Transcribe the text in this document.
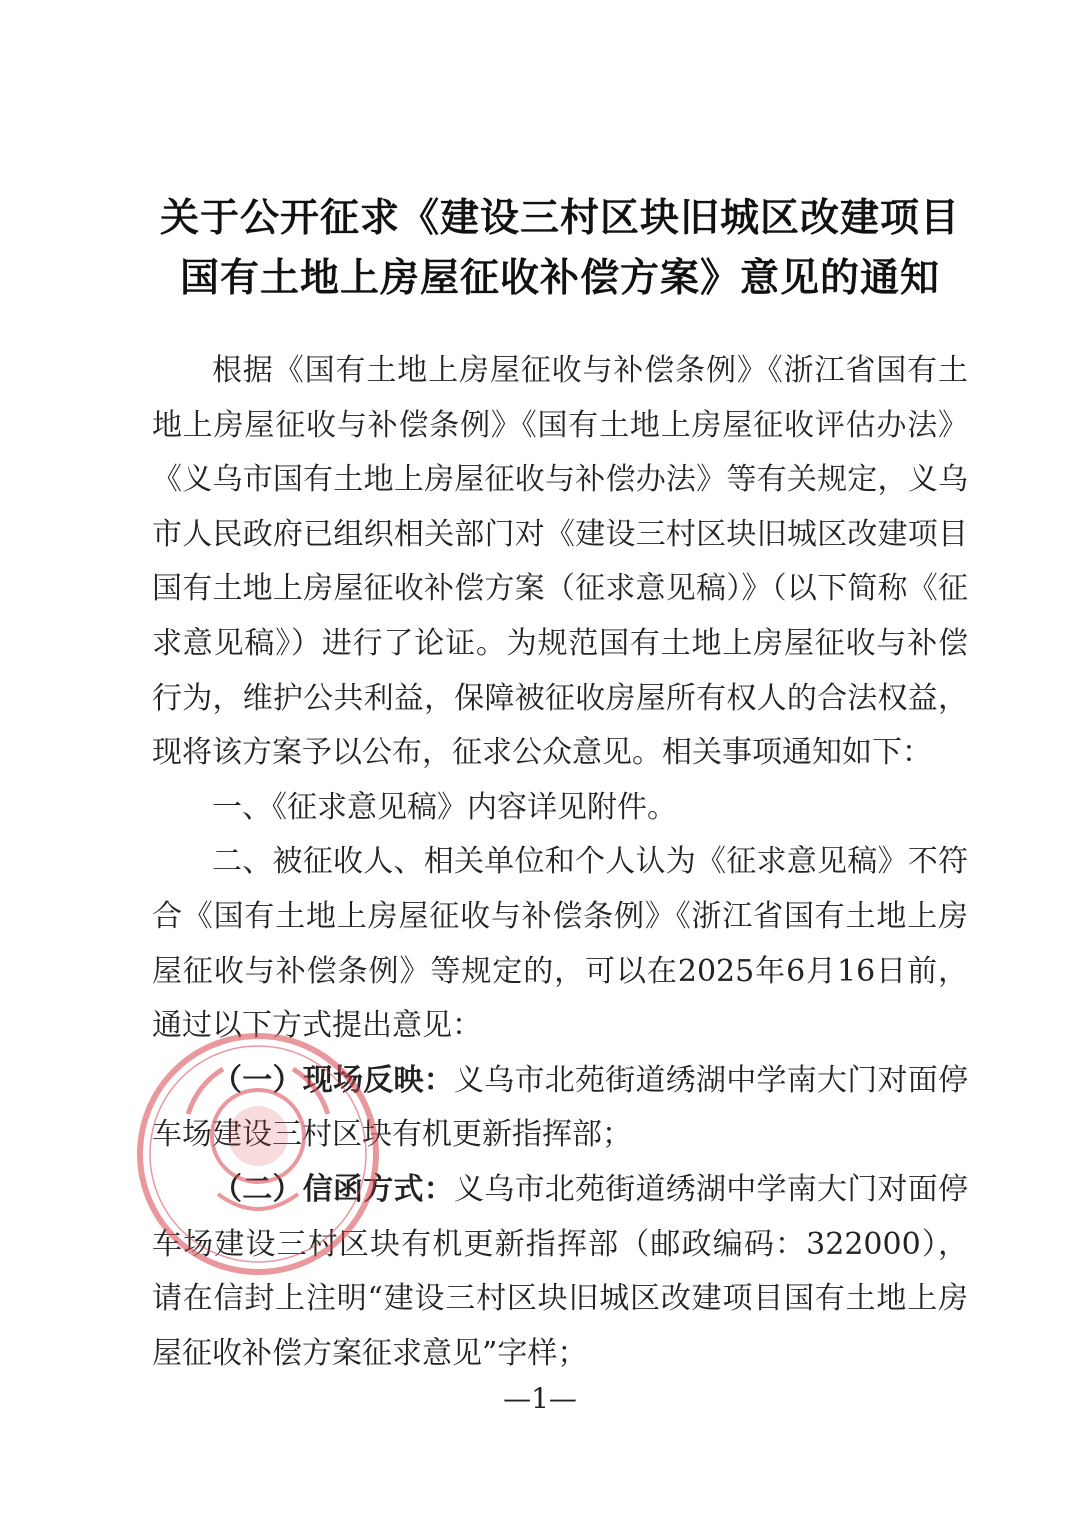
关于公开征求《建设三村区块旧城区改建项目
国有土地上房屋征收补偿方案》意见的通知

根据《国有土地上房屋征收与补偿条例》《浙江省国有土地上房屋征收与补偿条例》《国有土地上房屋征收评估办法》《义乌市国有土地上房屋征收与补偿办法》等有关规定，义乌市人民政府已组织相关部门对《建设三村区块旧城区改建项目国有土地上房屋征收补偿方案（征求意见稿）》（以下简称《征求意见稿》）进行了论证。为规范国有土地上房屋征收与补偿行为，维护公共利益，保障被征收房屋所有权人的合法权益，现将该方案予以公布，征求公众意见。相关事项通知如下：

一、《征求意见稿》内容详见附件。

二、被征收人、相关单位和个人认为《征求意见稿》不符合《国有土地上房屋征收与补偿条例》《浙江省国有土地上房屋征收与补偿条例》等规定的，可以在2025年6月16日前，通过以下方式提出意见：

（一）现场反映：义乌市北苑街道绣湖中学南大门对面停车场建设三村区块有机更新指挥部；

（二）信函方式：义乌市北苑街道绣湖中学南大门对面停车场建设三村区块有机更新指挥部（邮政编码：322000），请在信封上注明“建设三村区块旧城区改建项目国有土地上房屋征收补偿方案征求意见”字样；

—1—
